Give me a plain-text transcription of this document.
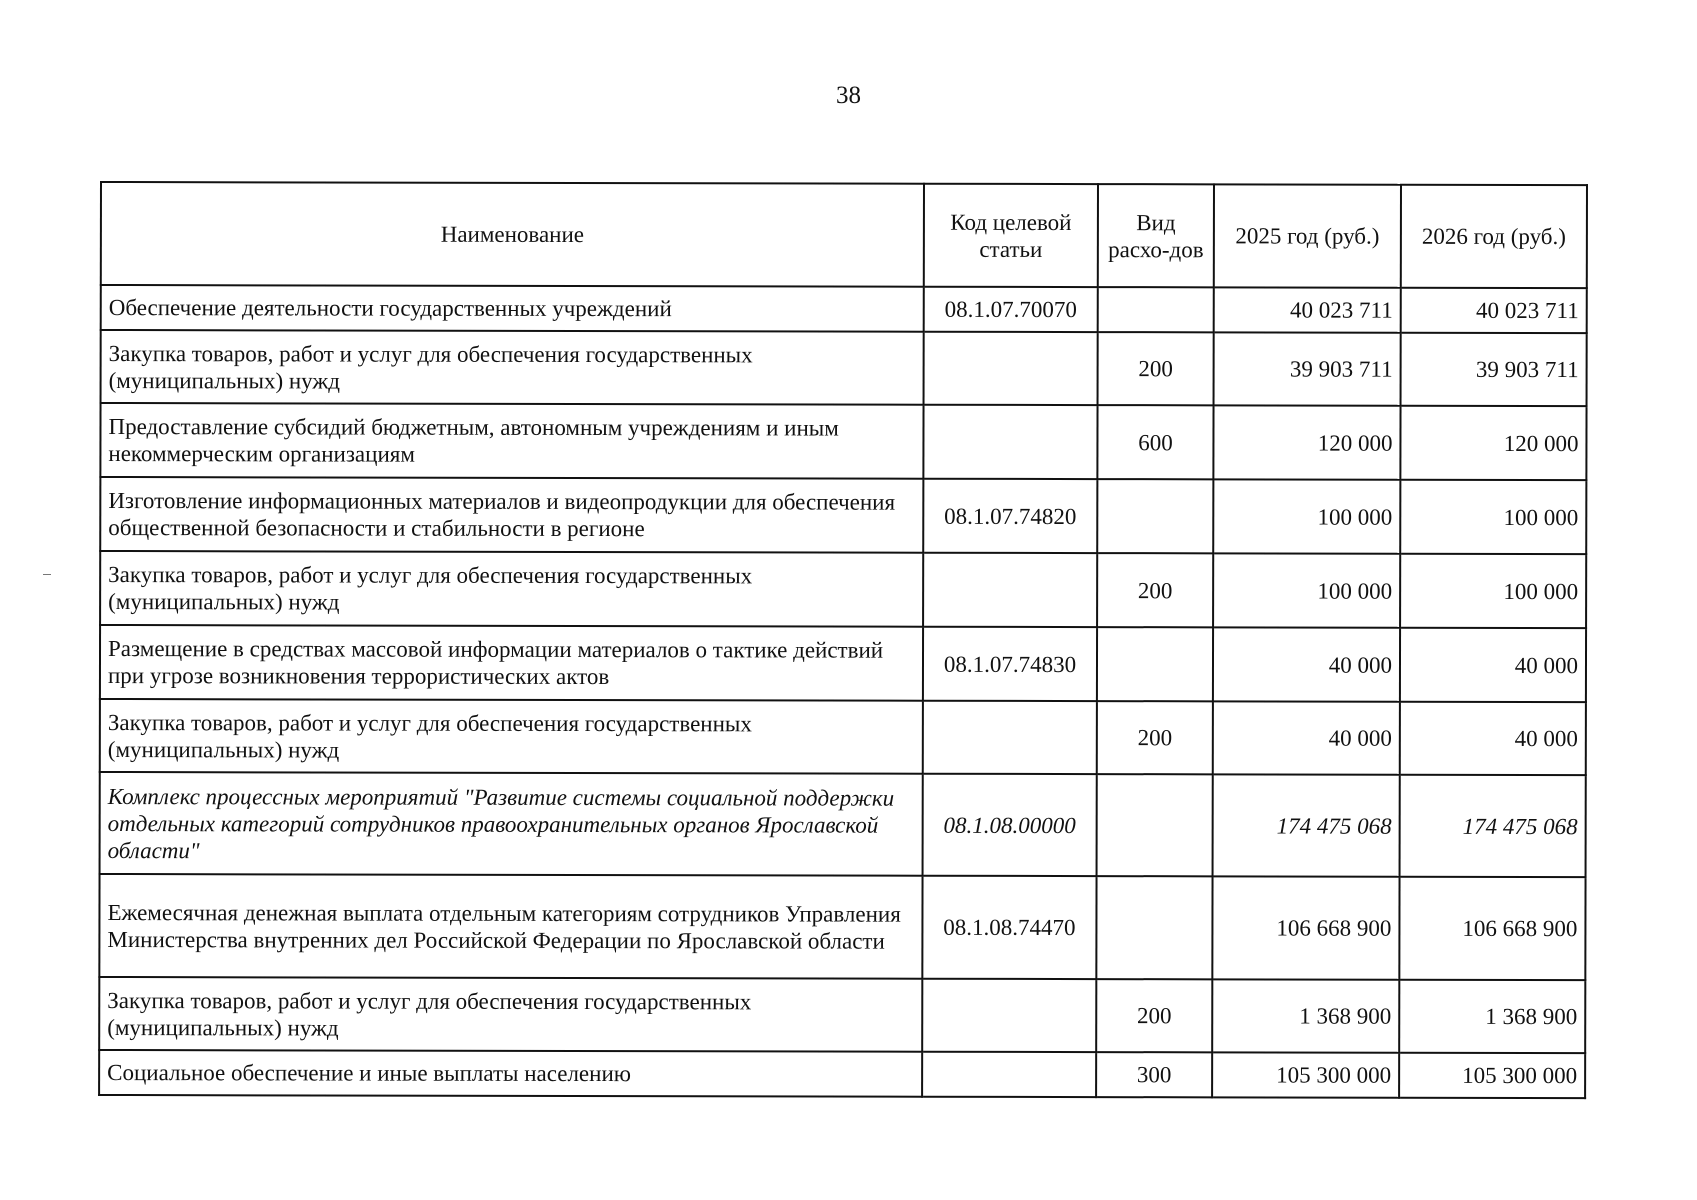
38
Наименование	Код целевой статьи	Вид расхо-дов	2025 год (руб.)	2026 год (руб.)
Обеспечение деятельности государственных учреждений	08.1.07.70070		40 023 711	40 023 711
Закупка товаров, работ и услуг для обеспечения государственных (муниципальных) нужд		200	39 903 711	39 903 711
Предоставление субсидий бюджетным, автономным учреждениям и иным некоммерческим организациям		600	120 000	120 000
Изготовление информационных материалов и видеопродукции для обеспечения общественной безопасности и стабильности в регионе	08.1.07.74820		100 000	100 000
Закупка товаров, работ и услуг для обеспечения государственных (муниципальных) нужд		200	100 000	100 000
Размещение в средствах массовой информации материалов о тактике действий при угрозе возникновения террористических актов	08.1.07.74830		40 000	40 000
Закупка товаров, работ и услуг для обеспечения государственных (муниципальных) нужд		200	40 000	40 000
Комплекс процессных мероприятий "Развитие системы социальной поддержки отдельных категорий сотрудников правоохранительных органов Ярославской области"	08.1.08.00000		174 475 068	174 475 068
Ежемесячная денежная выплата отдельным категориям сотрудников Управления Министерства внутренних дел Российской Федерации по Ярославской области	08.1.08.74470		106 668 900	106 668 900
Закупка товаров, работ и услуг для обеспечения государственных (муниципальных) нужд		200	1 368 900	1 368 900
Социальное обеспечение и иные выплаты населению		300	105 300 000	105 300 000
